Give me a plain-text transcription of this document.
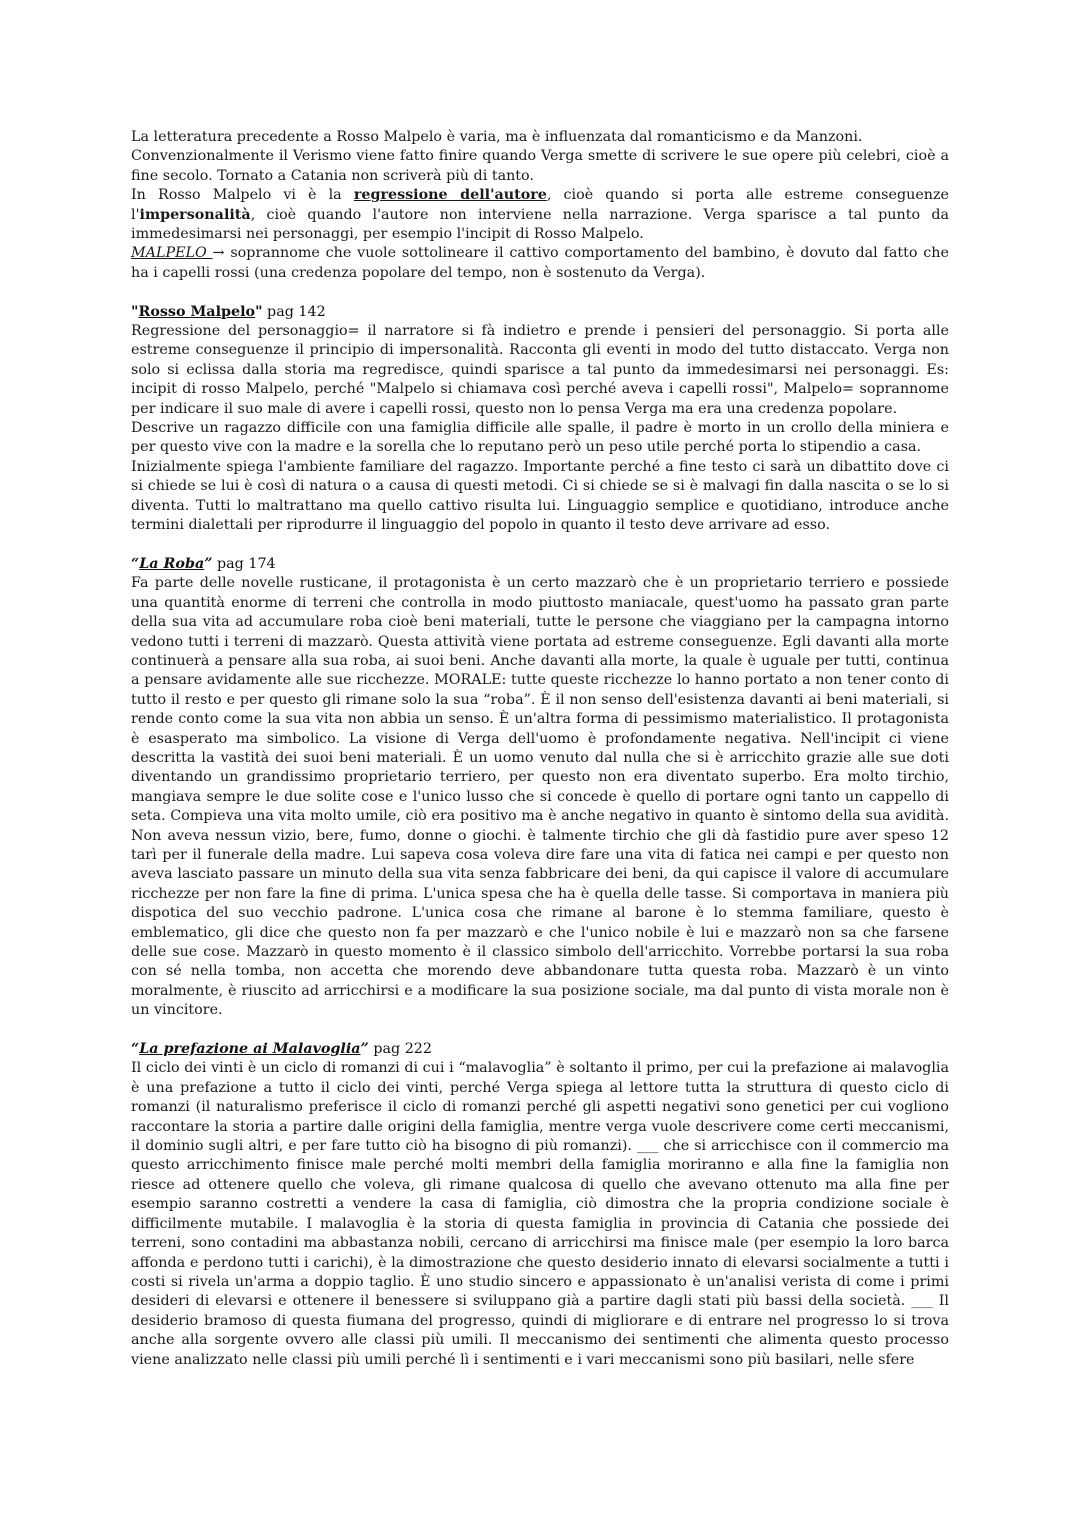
La letteratura precedente a Rosso Malpelo è varia, ma è influenzata dal romanticismo e da Manzoni.

Convenzionalmente il Verismo viene fatto finire quando Verga smette di scrivere le sue opere più celebri, cioè a fine secolo. Tornato a Catania non scriverà più di tanto.

In Rosso Malpelo vi è la regressione dell'autore, cioè quando si porta alle estreme conseguenze l'impersonalità, cioè quando l'autore non interviene nella narrazione. Verga sparisce a tal punto da immedesimarsi nei personaggi, per esempio l'incipit di Rosso Malpelo.

MALPELO → soprannome che vuole sottolineare il cattivo comportamento del bambino, è dovuto dal fatto che ha i capelli rossi (una credenza popolare del tempo, non è sostenuto da Verga).

"Rosso Malpelo" pag 142

Regressione del personaggio= il narratore si fà indietro e prende i pensieri del personaggio. Si porta alle estreme conseguenze il principio di impersonalità. Racconta gli eventi in modo del tutto distaccato. Verga non solo si eclissa dalla storia ma regredisce, quindi sparisce a tal punto da immedesimarsi nei personaggi. Es: incipit di rosso Malpelo, perché "Malpelo si chiamava così perché aveva i capelli rossi", Malpelo= soprannome per indicare il suo male di avere i capelli rossi, questo non lo pensa Verga ma era una credenza popolare.

Descrive un ragazzo difficile con una famiglia difficile alle spalle, il padre è morto in un crollo della miniera e per questo vive con la madre e la sorella che lo reputano però un peso utile perché porta lo stipendio a casa.

Inizialmente spiega l'ambiente familiare del ragazzo. Importante perché a fine testo ci sarà un dibattito dove ci si chiede se lui è così di natura o a causa di questi metodi. Ci si chiede se si è malvagi fin dalla nascita o se lo si diventa. Tutti lo maltrattano ma quello cattivo risulta lui. Linguaggio semplice e quotidiano, introduce anche termini dialettali per riprodurre il linguaggio del popolo in quanto il testo deve arrivare ad esso.

“La Roba” pag 174

Fa parte delle novelle rusticane, il protagonista è un certo mazzarò che è un proprietario terriero e possiede una quantità enorme di terreni che controlla in modo piuttosto maniacale, quest'uomo ha passato gran parte della sua vita ad accumulare roba cioè beni materiali, tutte le persone che viaggiano per la campagna intorno vedono tutti i terreni di mazzarò. Questa attività viene portata ad estreme conseguenze. Egli davanti alla morte continuerà a pensare alla sua roba, ai suoi beni. Anche davanti alla morte, la quale è uguale per tutti, continua a pensare avidamente alle sue ricchezze. MORALE: tutte queste ricchezze lo hanno portato a non tener conto di tutto il resto e per questo gli rimane solo la sua “roba”. È il non senso dell'esistenza davanti ai beni materiali, si rende conto come la sua vita non abbia un senso. È un'altra forma di pessimismo materialistico. Il protagonista è esasperato ma simbolico. La visione di Verga dell'uomo è profondamente negativa. Nell'incipit ci viene descritta la vastità dei suoi beni materiali. È un uomo venuto dal nulla che si è arricchito grazie alle sue doti diventando un grandissimo proprietario terriero, per questo non era diventato superbo. Era molto tirchio, mangiava sempre le due solite cose e l'unico lusso che si concede è quello di portare ogni tanto un cappello di seta. Compieva una vita molto umile, ciò era positivo ma è anche negativo in quanto è sintomo della sua avidità. Non aveva nessun vizio, bere, fumo, donne o giochi. è talmente tirchio che gli dà fastidio pure aver speso 12 tarì per il funerale della madre. Lui sapeva cosa voleva dire fare una vita di fatica nei campi e per questo non aveva lasciato passare un minuto della sua vita senza fabbricare dei beni, da qui capisce il valore di accumulare ricchezze per non fare la fine di prima. L'unica spesa che ha è quella delle tasse. Si comportava in maniera più dispotica del suo vecchio padrone. L'unica cosa che rimane al barone è lo stemma familiare, questo è emblematico, gli dice che questo non fa per mazzarò e che l'unico nobile è lui e mazzarò non sa che farsene delle sue cose. Mazzarò in questo momento è il classico simbolo dell'arricchito. Vorrebbe portarsi la sua roba con sé nella tomba, non accetta che morendo deve abbandonare tutta questa roba. Mazzarò è un vinto moralmente, è riuscito ad arricchirsi e a modificare la sua posizione sociale, ma dal punto di vista morale non è un vincitore.

“La prefazione ai Malavoglia” pag 222

Il ciclo dei vinti è un ciclo di romanzi di cui i “malavoglia” è soltanto il primo, per cui la prefazione ai malavoglia è una prefazione a tutto il ciclo dei vinti, perché Verga spiega al lettore tutta la struttura di questo ciclo di romanzi (il naturalismo preferisce il ciclo di romanzi perché gli aspetti negativi sono genetici per cui vogliono raccontare la storia a partire dalle origini della famiglia, mentre verga vuole descrivere come certi meccanismi, il dominio sugli altri, e per fare tutto ciò ha bisogno di più romanzi). ___ che si arricchisce con il commercio ma questo arricchimento finisce male perché molti membri della famiglia moriranno e alla fine la famiglia non riesce ad ottenere quello che voleva, gli rimane qualcosa di quello che avevano ottenuto ma alla fine per esempio saranno costretti a vendere la casa di famiglia, ciò dimostra che la propria condizione sociale è difficilmente mutabile. I malavoglia è la storia di questa famiglia in provincia di Catania che possiede dei terreni, sono contadini ma abbastanza nobili, cercano di arricchirsi ma finisce male (per esempio la loro barca affonda e perdono tutti i carichi), è la dimostrazione che questo desiderio innato di elevarsi socialmente a tutti i costi si rivela un'arma a doppio taglio. È uno studio sincero e appassionato è un'analisi verista di come i primi desideri di elevarsi e ottenere il benessere si sviluppano già a partire dagli stati più bassi della società. ___ Il desiderio bramoso di questa fiumana del progresso, quindi di migliorare e di entrare nel progresso lo si trova anche alla sorgente ovvero alle classi più umili. Il meccanismo dei sentimenti che alimenta questo processo viene analizzato nelle classi più umili perché lì i sentimenti e i vari meccanismi sono più basilari, nelle sfere
